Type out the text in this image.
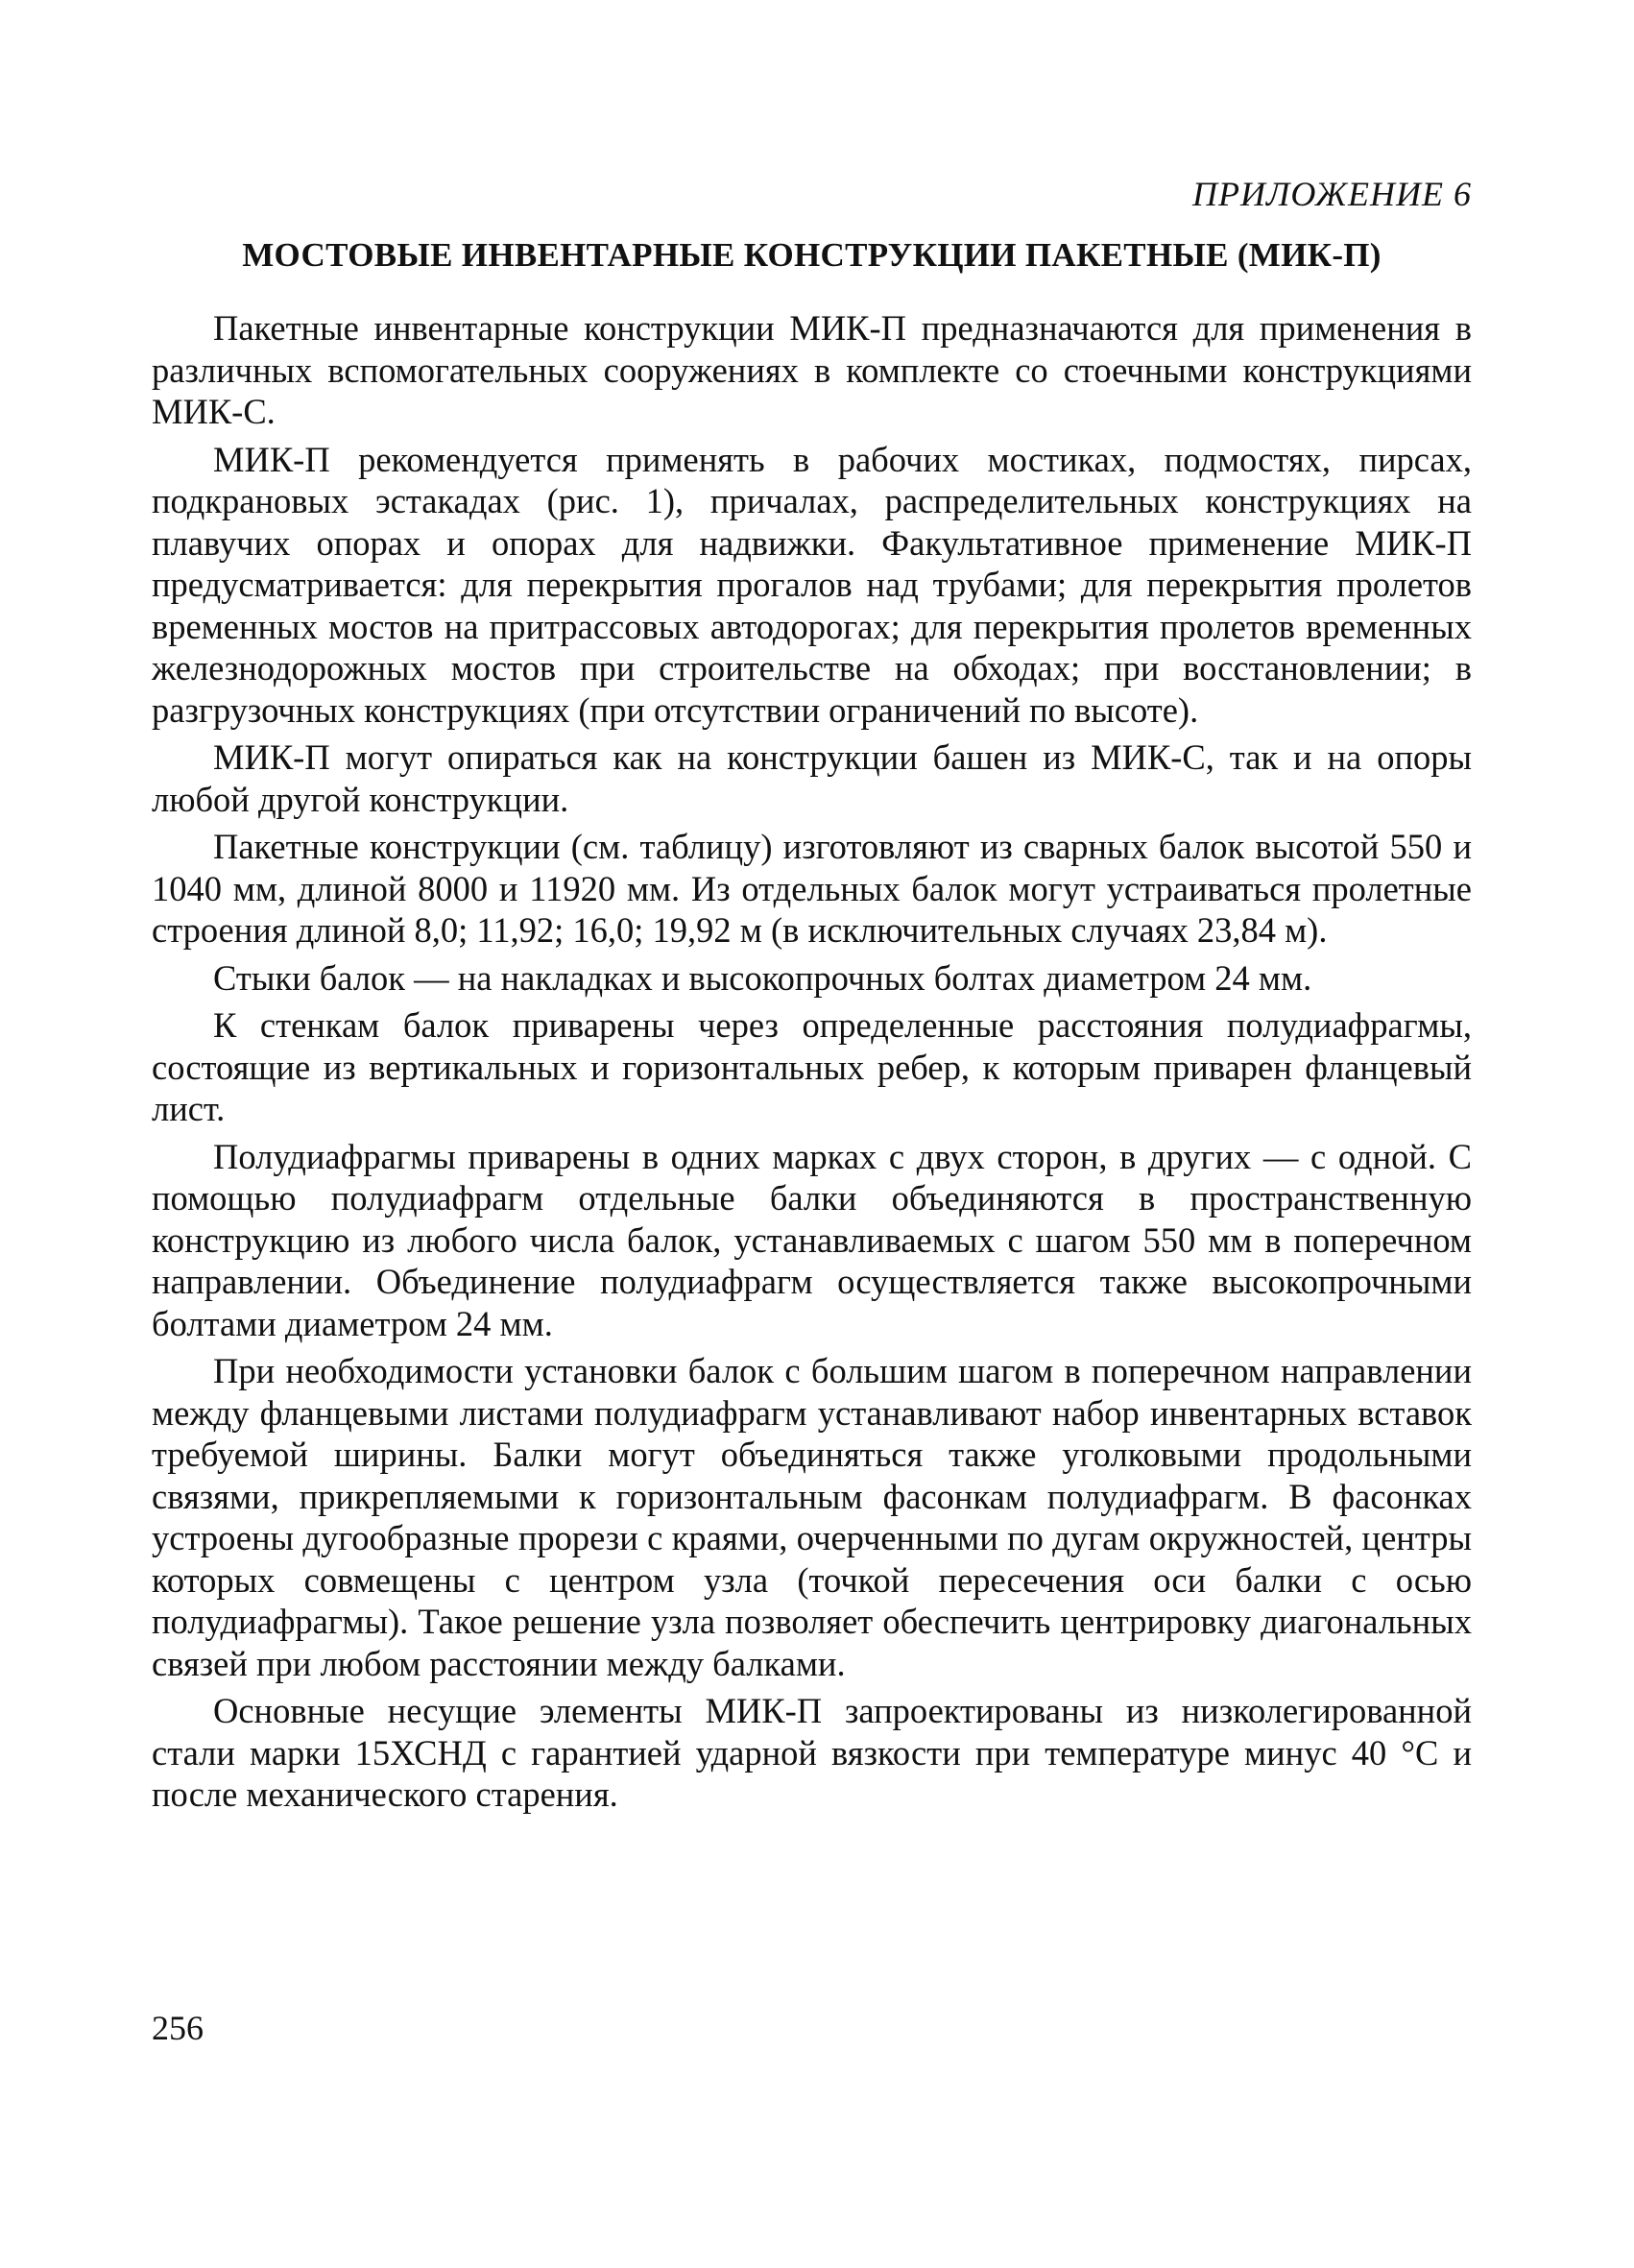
ПРИЛОЖЕНИЕ 6
МОСТОВЫЕ ИНВЕНТАРНЫЕ КОНСТРУКЦИИ ПАКЕТНЫЕ (МИК-П)

Пакетные инвентарные конструкции МИК-П предназначаются для применения в различных вспомогательных сооружениях в комплекте со стоечными конструкциями МИК-С.

МИК-П рекомендуется применять в рабочих мостиках, подмостях, пирсах, подкрановых эстакадах (рис. 1), причалах, распределительных конструкциях на плавучих опорах и опорах для надвижки. Факультативное применение МИК-П предусматривается: для перекрытия прогалов над трубами; для перекрытия пролетов временных мостов на притрассовых автодорогах; для перекрытия пролетов временных железнодорожных мостов при строительстве на обходах; при восстановлении; в разгрузочных конструкциях (при отсутствии ограничений по высоте).

МИК-П могут опираться как на конструкции башен из МИК-С, так и на опоры любой другой конструкции.

Пакетные конструкции (см. таблицу) изготовляют из сварных балок высотой 550 и 1040 мм, длиной 8000 и 11920 мм. Из отдельных балок могут устраиваться пролетные строения длиной 8,0; 11,92; 16,0; 19,92 м (в исключительных случаях 23,84 м).

Стыки балок — на накладках и высокопрочных болтах диаметром 24 мм.

К стенкам балок приварены через определенные расстояния полудиафрагмы, состоящие из вертикальных и горизонтальных ребер, к которым приварен фланцевый лист.

Полудиафрагмы приварены в одних марках с двух сторон, в других — с одной. С помощью полудиафрагм отдельные балки объединяются в пространственную конструкцию из любого числа балок, устанавливаемых с шагом 550 мм в поперечном направлении. Объединение полудиафрагм осуществляется также высокопрочными болтами диаметром 24 мм.

При необходимости установки балок с большим шагом в поперечном направлении между фланцевыми листами полудиафрагм устанавливают набор инвентарных вставок требуемой ширины. Балки могут объединяться также уголковыми продольными связями, прикрепляемыми к горизонтальным фасонкам полудиафрагм. В фасонках устроены дугообразные прорези с краями, очерченными по дугам окружностей, центры которых совмещены с центром узла (точкой пересечения оси балки с осью полудиафрагмы). Такое решение узла позволяет обеспечить центрировку диагональных связей при любом расстоянии между балками.

Основные несущие элементы МИК-П запроектированы из низколегированной стали марки 15ХСНД с гарантией ударной вязкости при температуре минус 40 °С и после механического старения.

256
